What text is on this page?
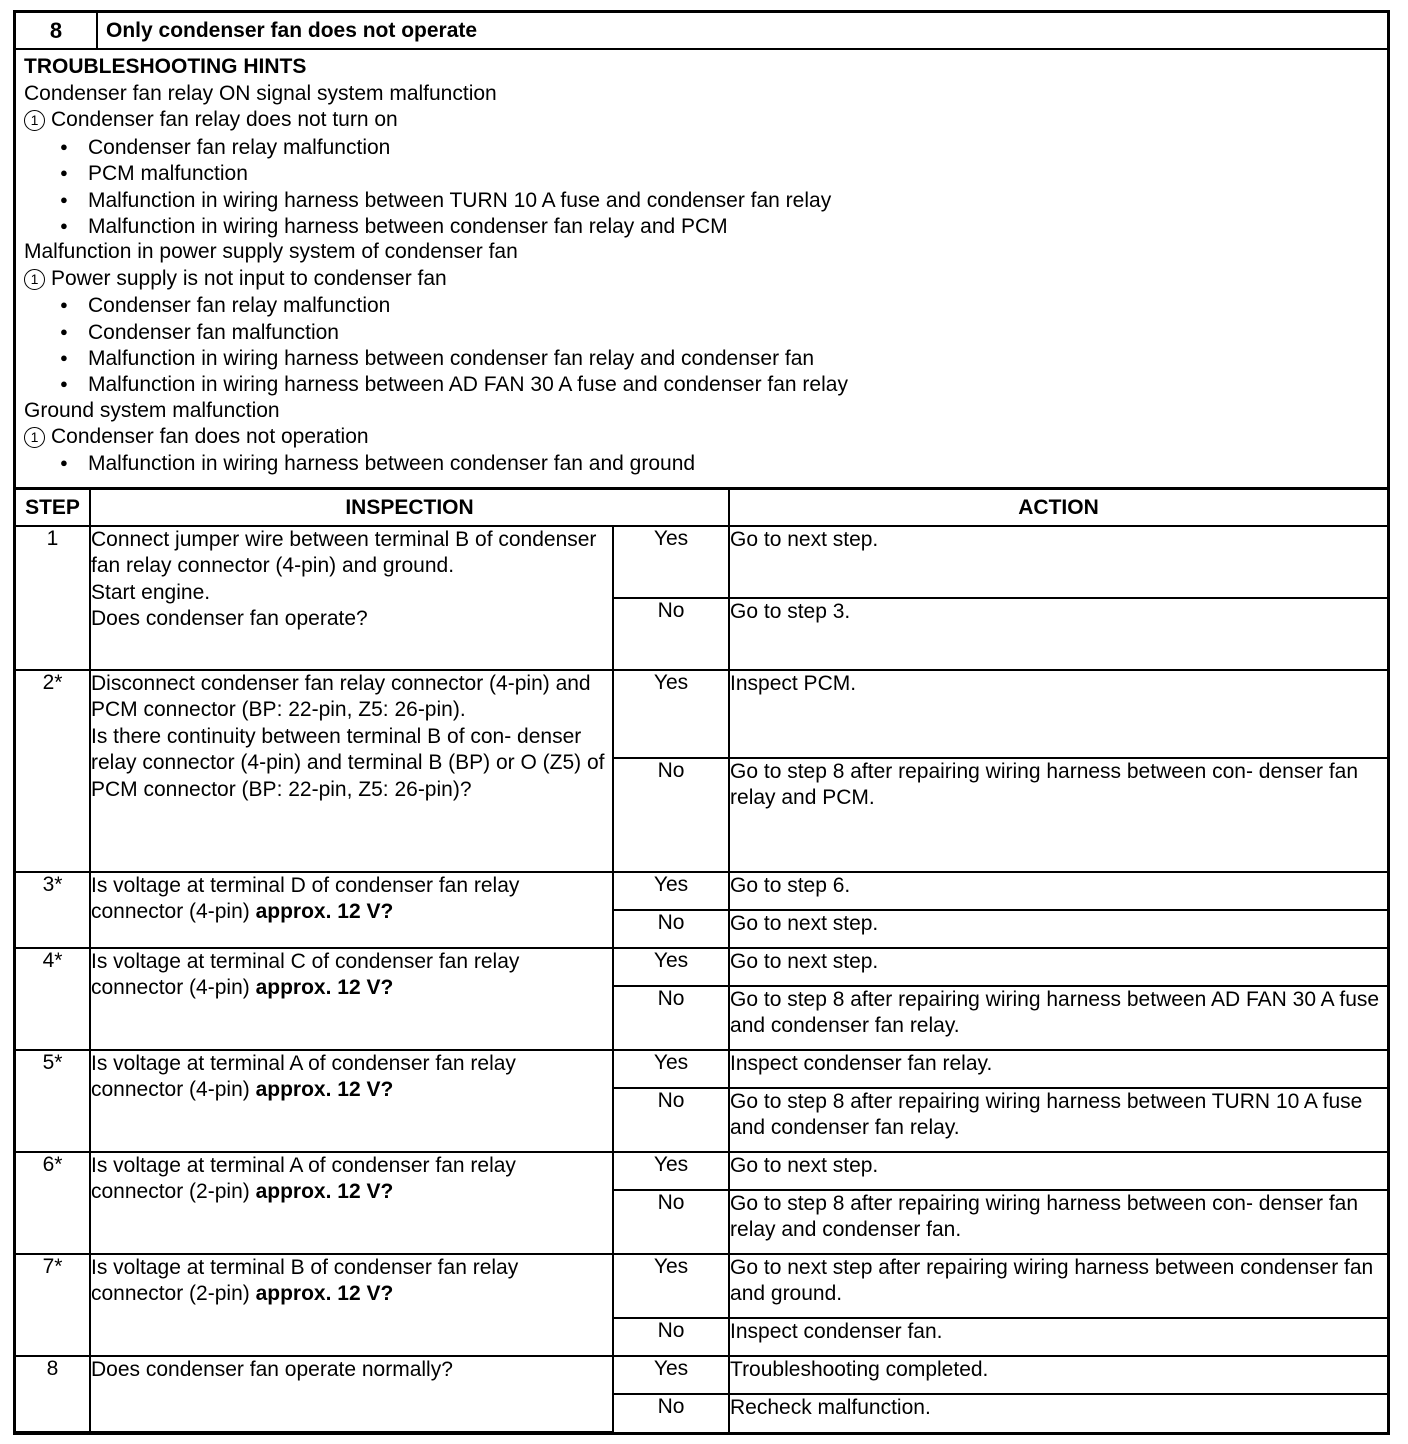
8	Only condenser fan does not operate
TROUBLESHOOTING HINTS
Condenser fan relay ON signal system malfunction
1 Condenser fan relay does not turn on
● Condenser fan relay malfunction
● PCM malfunction
● Malfunction in wiring harness between TURN 10 A fuse and condenser fan relay
● Malfunction in wiring harness between condenser fan relay and PCM
Malfunction in power supply system of condenser fan
1 Power supply is not input to condenser fan
● Condenser fan relay malfunction
● Condenser fan malfunction
● Malfunction in wiring harness between condenser fan relay and condenser fan
● Malfunction in wiring harness between AD FAN 30 A fuse and condenser fan relay
Ground system malfunction
1 Condenser fan does not operation
● Malfunction in wiring harness between condenser fan and ground
STEP	INSPECTION		ACTION
1	Connect jumper wire between terminal B of condenser fan relay connector (4-pin) and ground.
Start engine.
Does condenser fan operate?	Yes	Go to next step.
		No	Go to step 3.
2*	Disconnect condenser fan relay connector (4-pin) and PCM connector (BP: 22-pin, Z5: 26-pin).
Is there continuity between terminal B of con- denser relay connector (4-pin) and terminal B (BP) or O (Z5) of PCM connector (BP: 22-pin, Z5: 26-pin)?	Yes	Inspect PCM.
		No	Go to step 8 after repairing wiring harness between con- denser fan relay and PCM.
3*	Is voltage at terminal D of condenser fan relay connector (4-pin) approx. 12 V?	Yes	Go to step 6.
		No	Go to next step.
4*	Is voltage at terminal C of condenser fan relay connector (4-pin) approx. 12 V?	Yes	Go to next step.
		No	Go to step 8 after repairing wiring harness between AD FAN 30 A fuse and condenser fan relay.
5*	Is voltage at terminal A of condenser fan relay connector (4-pin) approx. 12 V?	Yes	Inspect condenser fan relay.
		No	Go to step 8 after repairing wiring harness between TURN 10 A fuse and condenser fan relay.
6*	Is voltage at terminal A of condenser fan relay connector (2-pin) approx. 12 V?	Yes	Go to next step.
		No	Go to step 8 after repairing wiring harness between con- denser fan relay and condenser fan.
7*	Is voltage at terminal B of condenser fan relay connector (2-pin) approx. 12 V?	Yes	Go to next step after repairing wiring harness between condenser fan and ground.
		No	Inspect condenser fan.
8	Does condenser fan operate normally?	Yes	Troubleshooting completed.
		No	Recheck malfunction.
